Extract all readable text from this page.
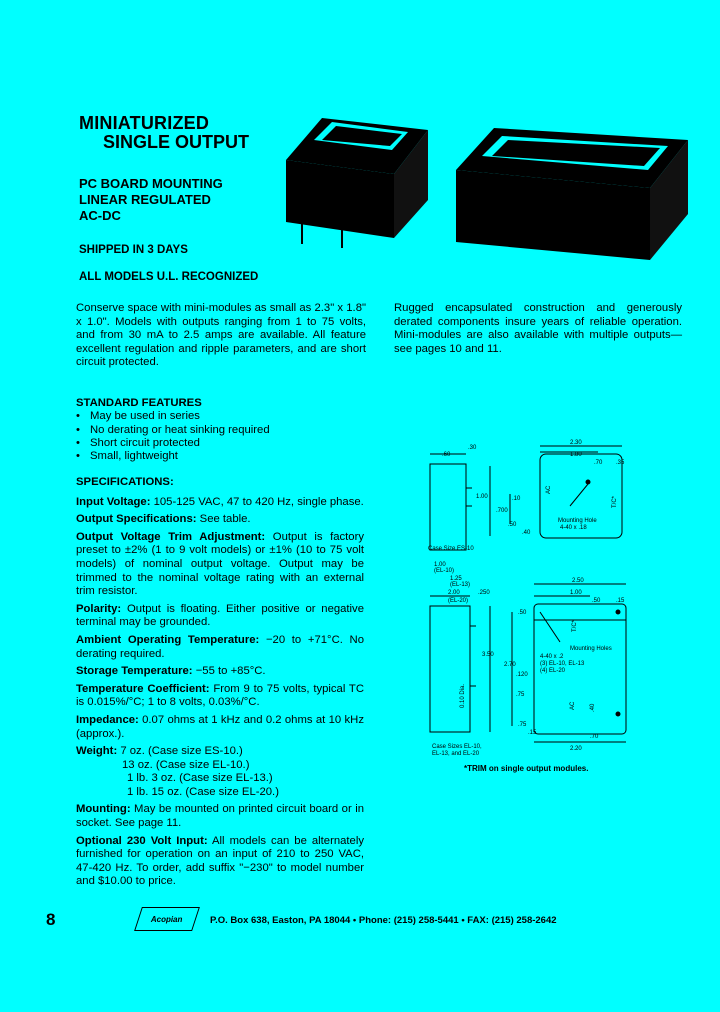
MINIATURIZED
SINGLE OUTPUT
PC BOARD MOUNTING
LINEAR REGULATED
AC-DC
SHIPPED IN 3 DAYS
ALL MODELS U.L. RECOGNIZED
Conserve space with mini-modules as small as 2.3" x 1.8" x 1.0". Models with outputs ranging from 1 to 75 volts, and from 30 mA to 2.5 amps are available. All feature excellent regulation and ripple parameters, and are short circuit protected.
Rugged encapsulated construction and generously derated components insure years of reliable operation. Mini-modules are also available with multiple outputs— see pages 10 and 11.
STANDARD FEATURES
• May be used in series
• No derating or heat sinking required
• Short circuit protected
• Small, lightweight
SPECIFICATIONS:
Input Voltage: 105-125 VAC, 47 to 420 Hz, single phase.
Output Specifications: See table.
Output Voltage Trim Adjustment: Output is factory preset to ±2% (1 to 9 volt models) or ±1% (10 to 75 volt models) of nominal output voltage. Output may be trimmed to the nominal voltage rating with an external trim resistor.
Polarity: Output is floating. Either positive or negative terminal may be grounded.
Ambient Operating Temperature: −20 to +71°C. No derating required.
Storage Temperature: −55 to +85°C.
Temperature Coefficient: From 9 to 75 volts, typical TC is 0.015%/°C; 1 to 8 volts, 0.03%/°C.
Impedance: 0.07 ohms at 1 kHz and 0.2 ohms at 10 kHz (approx.).
Weight: 7 oz. (Case size ES-10.)
13 oz. (Case size EL-10.)
1 lb. 3 oz. (Case size EL-13.)
1 lb. 15 oz. (Case size EL-20.)
Mounting: May be mounted on printed circuit board or in socket. See page 11.
Optional 230 Volt Input: All models can be alternately furnished for operation on an input of 210 to 250 VAC, 47-420 Hz. To order, add suffix "−230" to model number and $10.00 to price.
.30
.60
2.30
1.80
.70 .35
1.00	.10
.700
.50
.40
AC
T/C*
Mounting Hole
4-40 x .18
Case Size ES-10
1.00
(EL-10)
1.25
(EL-13)
2.00
(EL-20)
.250
2.50
1.00
.50	.15
.50
3.50
2.70
.120
.75
.40
.75
.15
.70
2.20
T/C*
AC
Mounting Holes
4-40 x .2
(3) EL-10, EL-13
(4) EL-20
0.10 Dia.
Case Sizes EL-10,
EL-13, and EL-20
*TRIM on single output modules.
8	Acopian	P.O. Box 638, Easton, PA 18044 • Phone: (215) 258-5441 • FAX: (215) 258-2642
